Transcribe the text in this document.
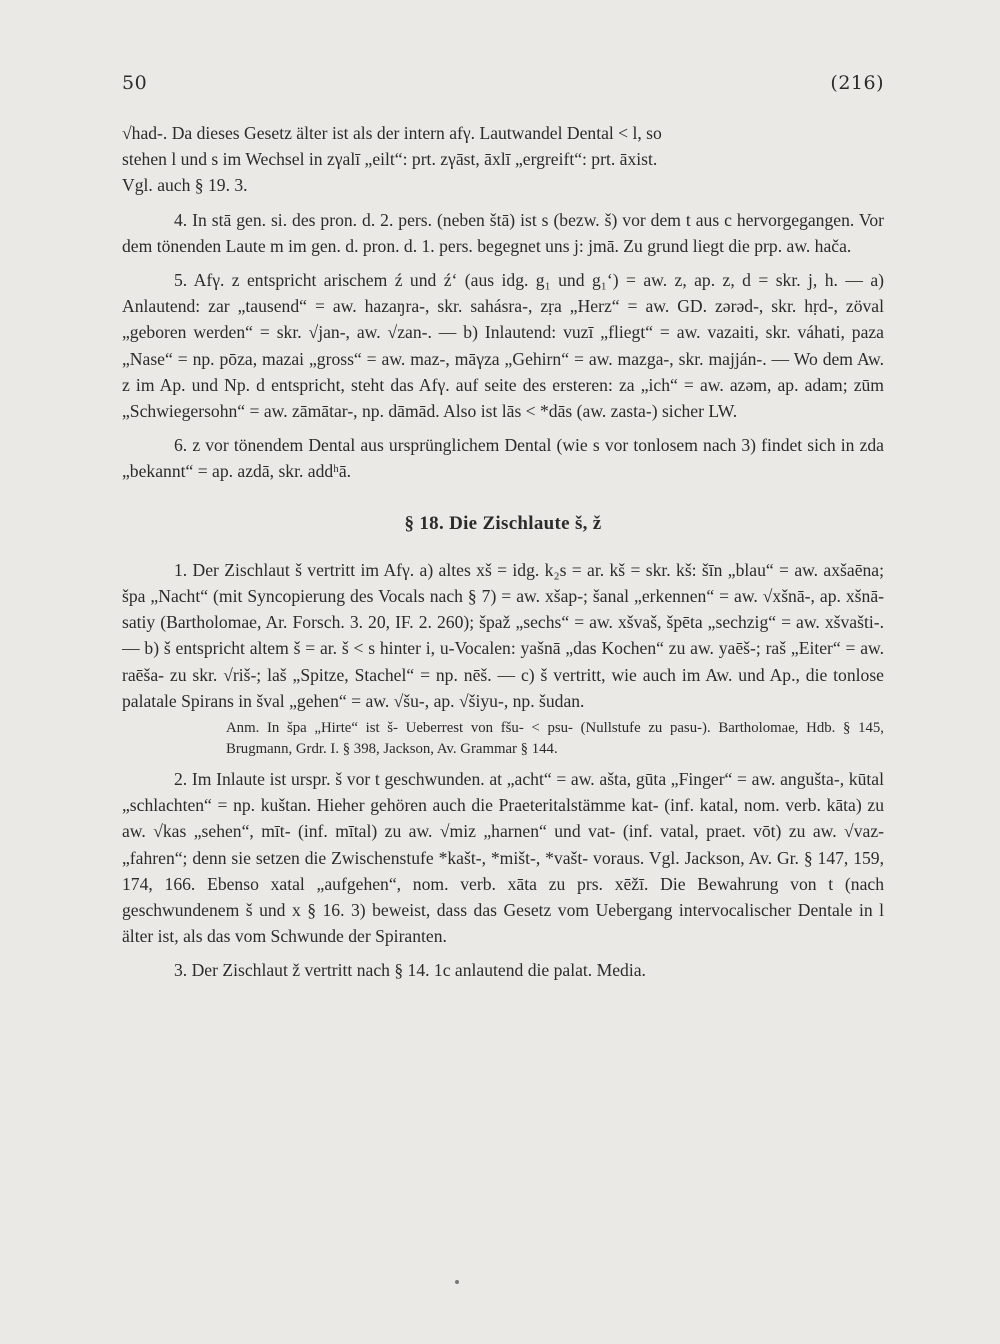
50	(216)

√had-. Da dieses Gesetz älter ist als der intern afγ. Lautwandel Dental < l, so

stehen l und s im Wechsel in zγalī „eilt“: prt. zγāst, āxlī „ergreift“: prt. āxist.

Vgl. auch § 19. 3.

4. In stā gen. si. des pron. d. 2. pers. (neben štā) ist s (bezw. š) vor dem t aus c hervorgegangen. Vor dem tönenden Laute m im gen. d. pron. d. 1. pers. begegnet uns j: jmā. Zu grund liegt die prp. aw. hača.

5. Afγ. z entspricht arischem ź und ź‘ (aus idg. g₁ und g₁‘) = aw. z, ap. z, d = skr. j, h. — a) Anlautend: zar „tausend“ = aw. hazaŋra-, skr. sahásra-, zṛa „Herz“ = aw. GD. zərəd-, skr. hṛd-, zöval „geboren werden“ = skr. √jan-, aw. √zan-. — b) Inlautend: vuzī „fliegt“ = aw. vazaiti, skr. váhati, paza „Nase“ = np. pōza, mazai „gross“ = aw. maz-, māγza „Gehirn“ = aw. mazga-, skr. majján-. — Wo dem Aw. z im Ap. und Np. d entspricht, steht das Afγ. auf seite des ersteren: za „ich“ = aw. azəm, ap. adam; zūm „Schwiegersohn“ = aw. zāmātar-, np. dāmād. Also ist lās < *dās (aw. zasta-) sicher LW.

6. z vor tönendem Dental aus ursprünglichem Dental (wie s vor tonlosem nach 3) findet sich in zda „bekannt“ = ap. azdā, skr. addʰā.

§ 18. Die Zischlaute š, ž

1. Der Zischlaut š vertritt im Afγ. a) altes xš = idg. k₂s = ar. kš = skr. kš: šīn „blau“ = aw. axšaēna; špa „Nacht“ (mit Syncopierung des Vocals nach § 7) = aw. xšap-; šanal „erkennen“ = aw. √xšnā-, ap. xšnā-satiy (Bartholomae, Ar. Forsch. 3. 20, IF. 2. 260); špaž „sechs“ = aw. xšvaš, špēta „sechzig“ = aw. xšvašti-. — b) š entspricht altem š = ar. š < s hinter i, u-Vocalen: yašnā „das Kochen“ zu aw. yaēš-; raš „Eiter“ = aw. raēša- zu skr. √riš-; laš „Spitze, Stachel“ = np. nēš. — c) š vertritt, wie auch im Aw. und Ap., die tonlose palatale Spirans in šval „gehen“ = aw. √šu-, ap. √šiyu-, np. šudan.

Anm. In špa „Hirte“ ist š- Ueberrest von fšu- < psu- (Nullstufe zu pasu-). Bartholomae, Hdb. § 145, Brugmann, Grdr. I. § 398, Jackson, Av. Grammar § 144.

2. Im Inlaute ist urspr. š vor t geschwunden. at „acht“ = aw. ašta, gūta „Finger“ = aw. angušta-, kūtal „schlachten“ = np. kuštan. Hieher gehören auch die Praeteritalstämme kat- (inf. katal, nom. verb. kāta) zu aw. √kas „sehen“, mīt- (inf. mītal) zu aw. √miz „harnen“ und vat- (inf. vatal, praet. vōt) zu aw. √vaz- „fahren“; denn sie setzen die Zwischenstufe *kašt-, *mišt-, *vašt- voraus. Vgl. Jackson, Av. Gr. § 147, 159, 174, 166. Ebenso xatal „aufgehen“, nom. verb. xāta zu prs. xēžī. Die Bewahrung von t (nach geschwundenem š und x § 16. 3) beweist, dass das Gesetz vom Uebergang intervocalischer Dentale in l älter ist, als das vom Schwunde der Spiranten.

3. Der Zischlaut ž vertritt nach § 14. 1c anlautend die palat. Media.
